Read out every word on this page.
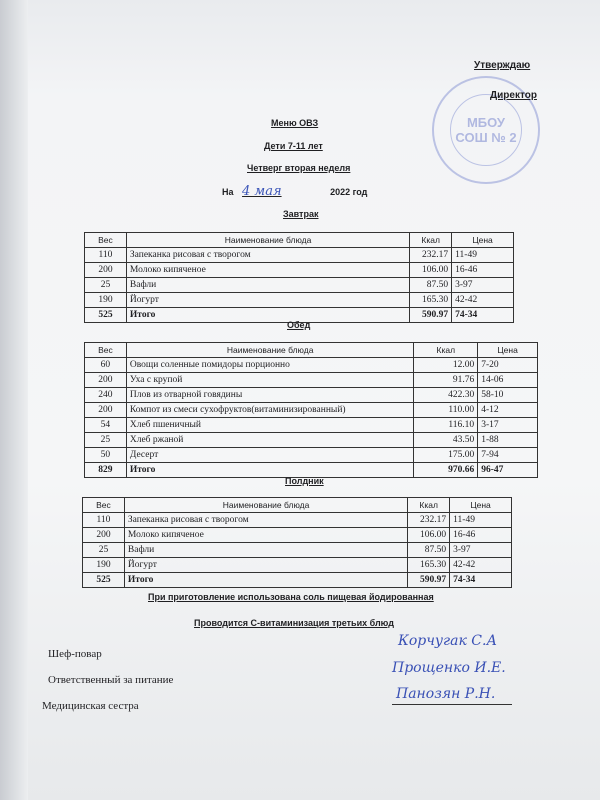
МБОУ
СОШ № 2
Утверждаю
Директор
Меню ОВЗ
Дети 7-11 лет
Четверг вторая неделя
На 4 мая	2022 год
Завтрак
Вес	Наименование блюда	Ккал	Цена
110	Запеканка рисовая с творогом	232.17	11-49
200	Молоко кипяченое	106.00	16-46
25	Вафли	87.50	3-97
190	Йогурт	165.30	42-42
525	Итого	590.97	74-34
Обед
Вес	Наименование блюда	Ккал	Цена
60	Овощи соленные помидоры порционно	12.00	7-20
200	Уха с крупой	91.76	14-06
240	Плов из отварной говядины	422.30	58-10
200	Компот из смеси сухофруктов(витаминизированный)	110.00	4-12
54	Хлеб пшеничный	116.10	3-17
25	Хлеб ржаной	43.50	1-88
50	Десерт	175.00	7-94
829	Итого	970.66	96-47
Полдник
Вес	Наименование блюда	Ккал	Цена
110	Запеканка рисовая с творогом	232.17	11-49
200	Молоко кипяченое	106.00	16-46
25	Вафли	87.50	3-97
190	Йогурт	165.30	42-42
525	Итого	590.97	74-34
При приготовление использована соль пищевая йодированная
Проводится С-витаминизация третьих блюд
Шеф-повар
Корчугак С.А
Ответственный за питание
Прощенко И.Е.
Медицинская сестра
Панозян Р.Н.
